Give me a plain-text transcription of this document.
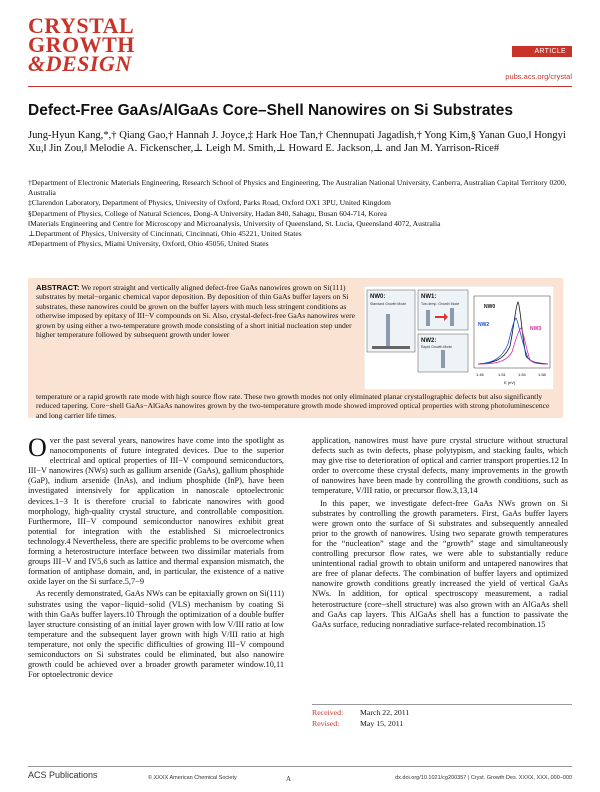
CRYSTAL
GROWTH
&DESIGN	ARTICLE
pubs.acs.org/crystal
Defect-Free GaAs/AlGaAs Core–Shell Nanowires on Si Substrates
Jung-Hyun Kang,*,† Qiang Gao,† Hannah J. Joyce,‡ Hark Hoe Tan,† Chennupati Jagadish,† Yong Kim,§ Yanan Guo,‖ Hongyi Xu,‖ Jin Zou,‖ Melodie A. Fickenscher,⊥ Leigh M. Smith,⊥ Howard E. Jackson,⊥ and Jan M. Yarrison-Rice#

†Department of Electronic Materials Engineering, Research School of Physics and Engineering, The Australian National University, Canberra, Australian Capital Territory 0200, Australia

‡Clarendon Laboratory, Department of Physics, University of Oxford, Parks Road, Oxford OX1 3PU, United Kingdom

§Department of Physics, College of Natural Sciences, Dong-A University, Hadan 840, Sahagu, Busan 604-714, Korea

‖Materials Engineering and Centre for Microscopy and Microanalysis, University of Queensland, St. Lucia, Queensland 4072, Australia

⊥Department of Physics, University of Cincinnati, Cincinnati, Ohio 45221, United States

#Department of Physics, Miami University, Oxford, Ohio 45056, United States

ABSTRACT: We report straight and vertically aligned defect-free GaAs nanowires grown on Si(111) substrates by metal−organic chemical vapor deposition. By deposition of thin GaAs buffer layers on Si substrates, these nanowires could be grown on the buffer layers with much less stringent conditions as otherwise imposed by epitaxy of III−V compounds on Si. Also, crystal-defect-free GaAs nanowires were grown by using either a two-temperature growth mode consisting of a short initial nucleation step under higher temperature followed by subsequent growth under lower
temperature or a rapid growth rate mode with high source flow rate. These two growth modes not only eliminated planar crystallographic defects but also significantly reduced tapering. Core−shell GaAs−AlGaAs nanowires grown by the two-temperature growth mode showed improved optical properties with strong photoluminescence and long carrier life times.
NW0:
Standard Growth Mode
NW1:
Two-temp. Growth Mode
NW2:
Rapid Growth Mode
NW0
NW2
NW3
1.46	1.51	1.54	1.58
E (eV)

Over the past several years, nanowires have come into the spotlight as nanocomponents of future integrated devices. Due to the superior electrical and optical properties of III−V compound semiconductors, III−V nanowires (NWs) such as gallium arsenide (GaAs), gallium phosphide (GaP), indium arsenide (InAs), and indium phosphide (InP), have been investigated intensively for application in nanoscale optoelectronic devices.1−3 It is therefore crucial to fabricate nanowires with good morphology, high-quality crystal structure, and controllable composition. Furthermore, III−V compound semiconductor nanowires exhibit great potential for integration with the established Si microelectronics technology.4 Nevertheless, there are specific problems to be overcome when forming a heterostructure interface between two dissimilar materials from groups III−V and IV5,6 such as lattice and thermal expansion mismatch, the formation of antiphase domain, and, in particular, the existence of a native oxide layer on the Si surface.5,7−9

As recently demonstrated, GaAs NWs can be epitaxially grown on Si(111) substrates using the vapor−liquid−solid (VLS) mechanism by coating Si with thin GaAs buffer layers.10 Through the optimization of a double buffer layer structure consisting of an initial layer grown with low V/III ratio at low temperature and the subsequent layer grown with high V/III ratio at high temperature, not only the specific difficulties of growing III−V compound semiconductors on Si substrates could be eliminated, but also nanowire growth could be achieved over a broader growth parameter window.10,11 For optoelectronic device

application, nanowires must have pure crystal structure without structural defects such as twin defects, phase polytypism, and stacking faults, which may give rise to deterioration of optical and carrier transport properties.12 In order to overcome these crystal defects, many improvements in the growth of nanowires have been made by controlling the growth conditions, such as temperature, V/III ratio, or precursor flow.3,13,14

In this paper, we investigate defect-free GaAs NWs grown on Si substrates by controlling the growth parameters. First, GaAs buffer layers were grown onto the surface of Si substrates and subsequently annealed prior to the growth of nanowires. Using two separate growth temperatures for the “nucleation” stage and the “growth” stage and simultaneously controlling precursor flow rates, we were able to substantially reduce unintentional radial growth to obtain uniform and untapered nanowires that are free of planar defects. The combination of buffer layers and optimized nanowire growth conditions greatly increased the yield of vertical GaAs NWs. In addition, for optical spectroscopy measurement, a radial heterostructure (core−shell structure) was also grown with an AlGaAs shell and GaAs cap layers. This AlGaAs shell has a function to passivate the GaAs surface, reducing nonradiative surface-related recombination.15

Received: March 22, 2011
Revised:	May 15, 2011
ACS Publications	© XXXX American Chemical Society	A	dx.doi.org/10.1021/cg200357 | Cryst. Growth Des. XXXX, XXX, 000–000
